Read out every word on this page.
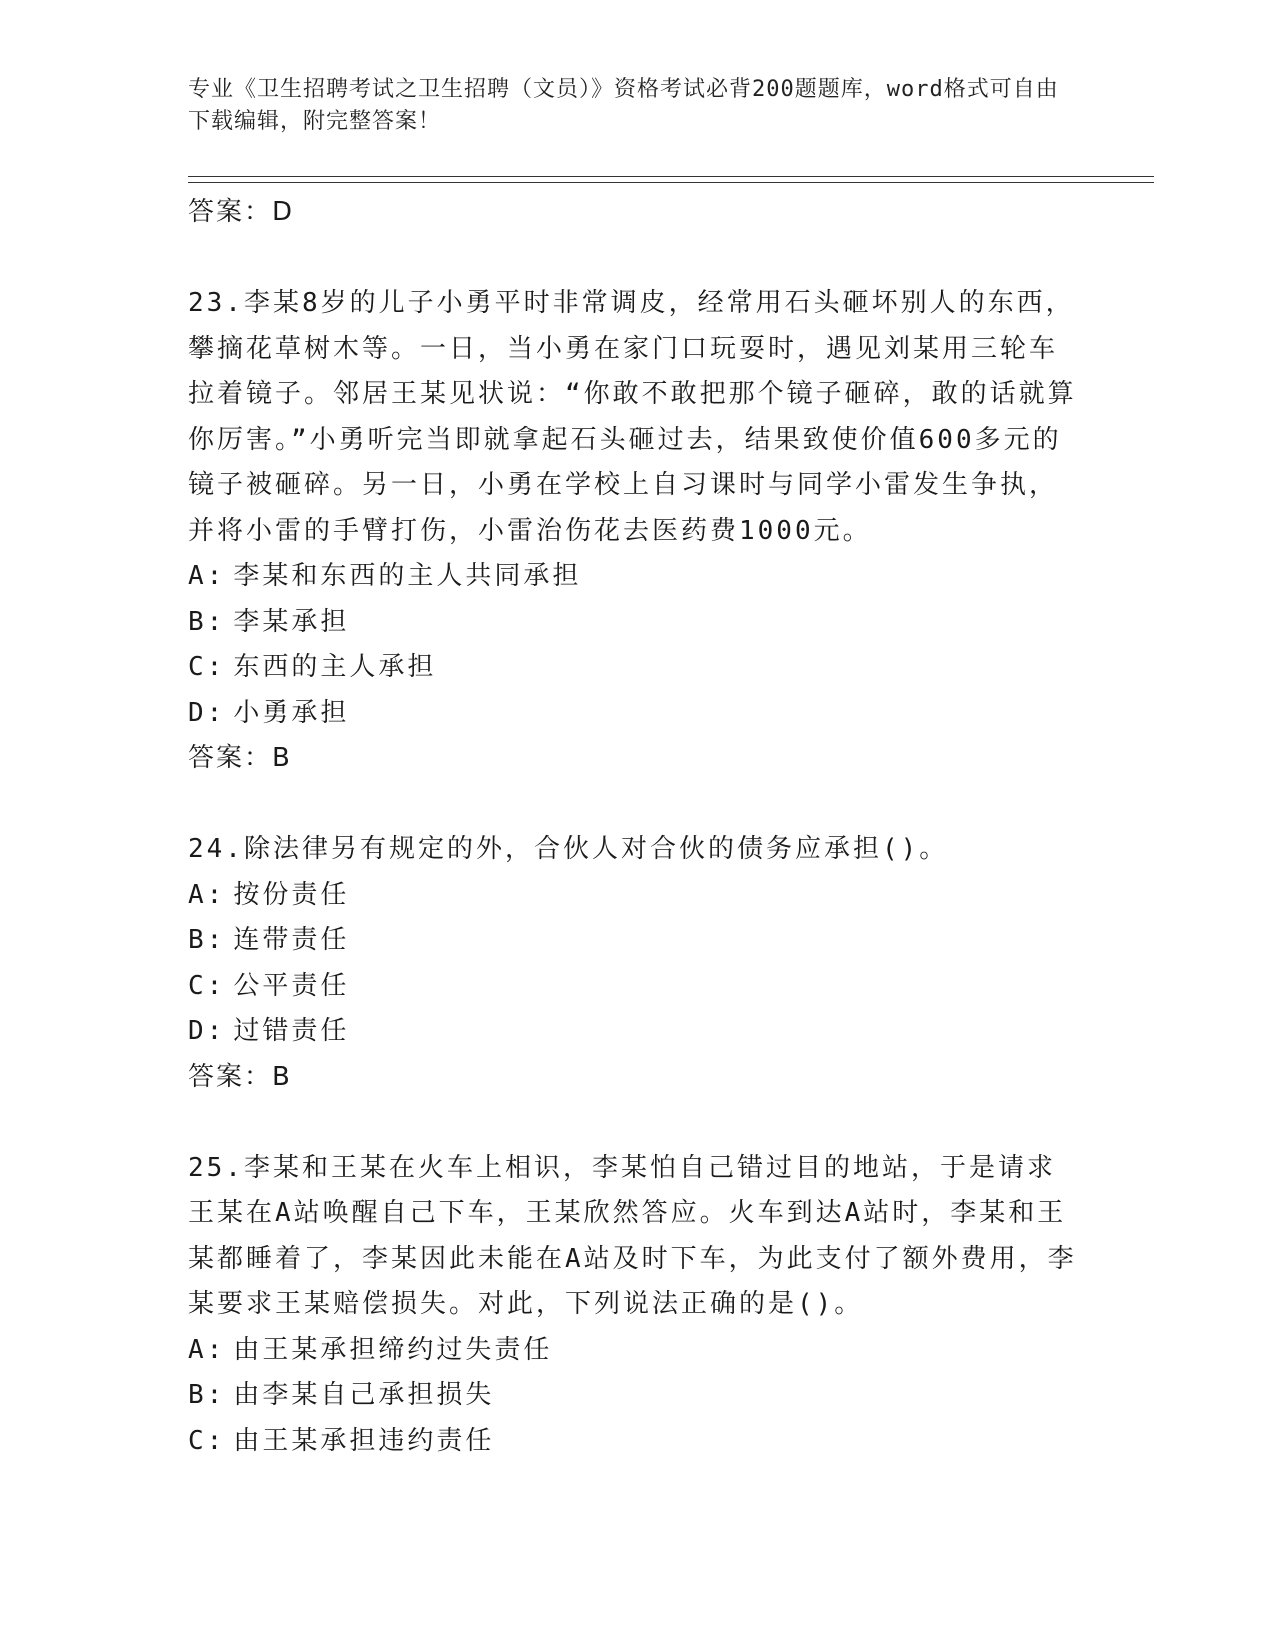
专业《卫生招聘考试之卫生招聘（文员）》资格考试必背200题题库，word格式可自由下载编辑，附完整答案！
答案：D
23.李某8岁的儿子小勇平时非常调皮，经常用石头砸坏别人的东西，攀摘花草树木等。一日，当小勇在家门口玩耍时，遇见刘某用三轮车拉着镜子。邻居王某见状说：“你敢不敢把那个镜子砸碎，敢的话就算你厉害。”小勇听完当即就拿起石头砸过去，结果致使价值600多元的镜子被砸碎。另一日，小勇在学校上自习课时与同学小雷发生争执，并将小雷的手臂打伤，小雷治伤花去医药费1000元。
A: 李某和东西的主人共同承担
B: 李某承担
C: 东西的主人承担
D: 小勇承担
答案：B
24.除法律另有规定的外，合伙人对合伙的债务应承担()。
A: 按份责任
B: 连带责任
C: 公平责任
D: 过错责任
答案：B
25.李某和王某在火车上相识，李某怕自己错过目的地站，于是请求王某在A站唤醒自己下车，王某欣然答应。火车到达A站时，李某和王某都睡着了，李某因此未能在A站及时下车，为此支付了额外费用，李某要求王某赔偿损失。对此，下列说法正确的是()。
A: 由王某承担缔约过失责任
B: 由李某自己承担损失
C: 由王某承担违约责任
